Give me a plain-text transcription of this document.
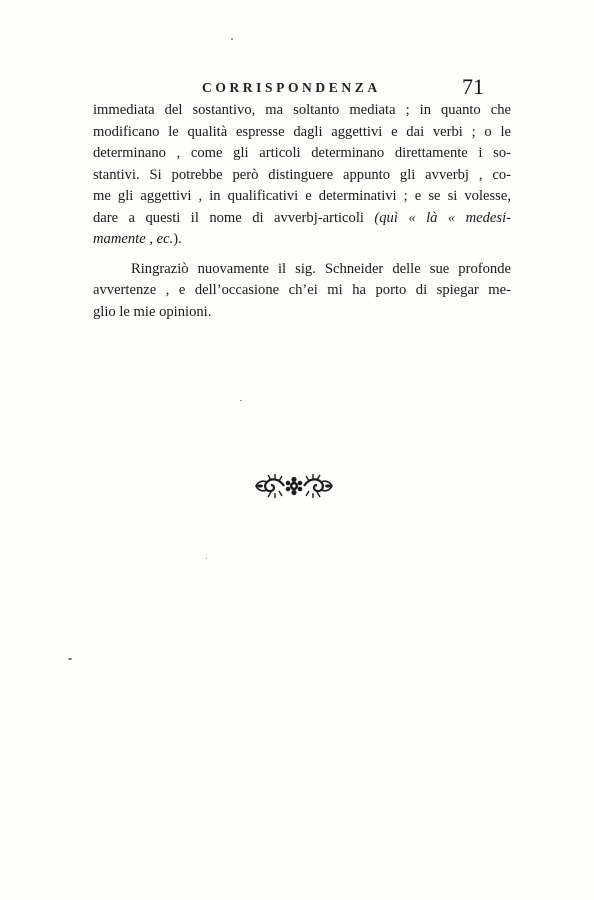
CORRISPONDENZA	71
immediata del sostantivo, ma soltanto mediata ; in quanto che
modificano le qualità espresse dagli aggettivi e dai verbi ; o le
determinano , come gli articoli determinano direttamente i so-
stantivi. Si potrebbe però distinguere appunto gli avverbj , co-
me gli aggettivi , in qualificativi e determinativi ; e se si volesse,
dare a questi il nome di avverbj-articoli (quì « là « medesi-
mamente , ec.).
Ringraziò nuovamente il sig. Schneider delle sue profonde
avvertenze , e dell’occasione ch’ei mi ha porto di spiegar me-
glio le mie opinioni.
